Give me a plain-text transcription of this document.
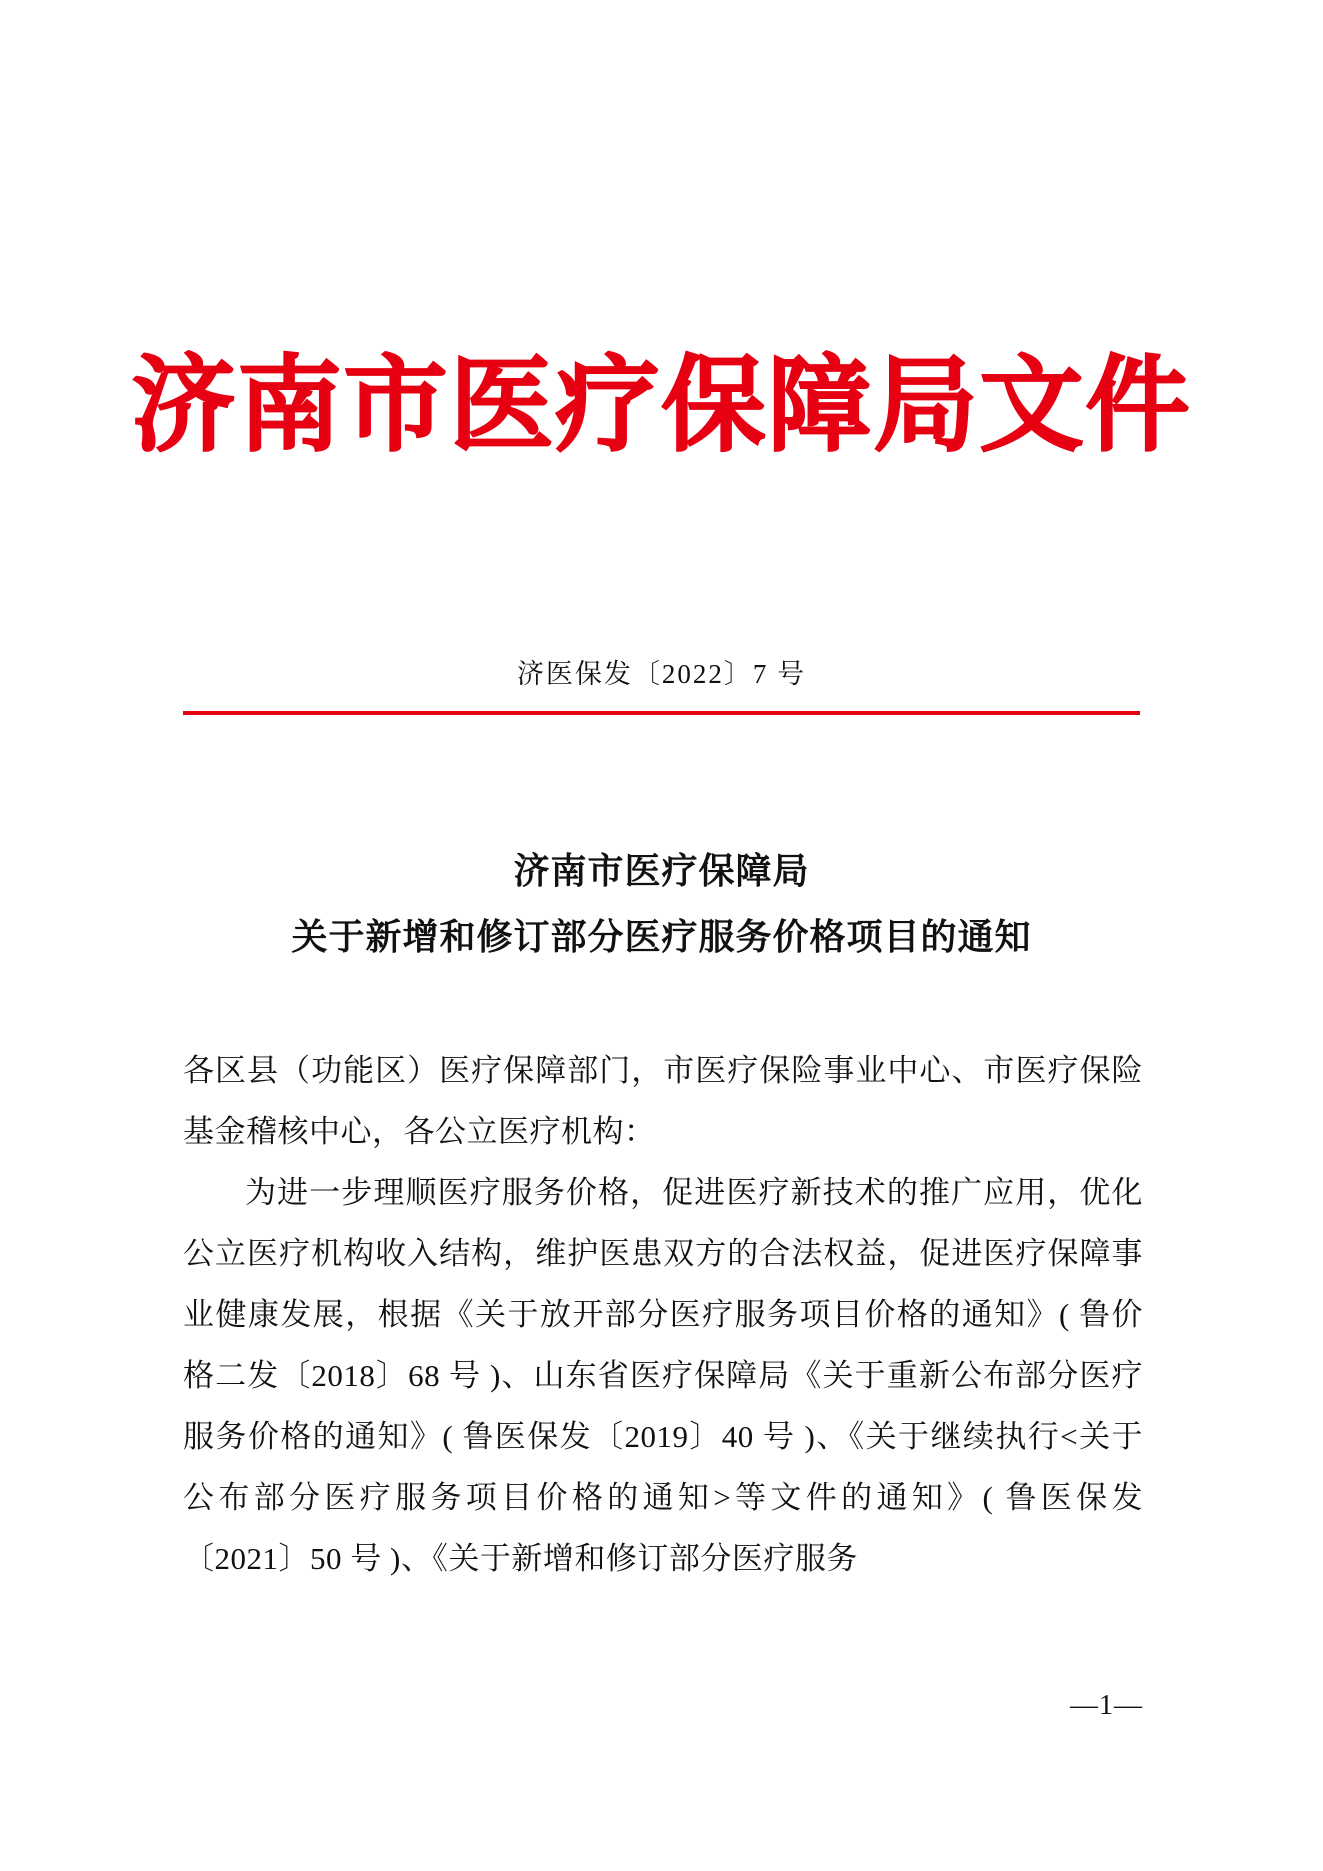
济南市医疗保障局文件
济医保发〔2022〕7 号
济南市医疗保障局
关于新增和修订部分医疗服务价格项目的通知

各区县（功能区）医疗保障部门，市医疗保险事业中心、市医疗保险基金稽核中心，各公立医疗机构：

为进一步理顺医疗服务价格，促进医疗新技术的推广应用，优化公立医疗机构收入结构，维护医患双方的合法权益，促进医疗保障事业健康发展，根据《关于放开部分医疗服务项目价格的通知》( 鲁价格二发〔2018〕68 号 )、山东省医疗保障局《关于重新公布部分医疗服务价格的通知》( 鲁医保发〔2019〕40 号 )、《关于继续执行<关于公布部分医疗服务项目价格的通知>等文件的通知》( 鲁医保发〔2021〕50 号 )、《关于新增和修订部分医疗服务

—1—
